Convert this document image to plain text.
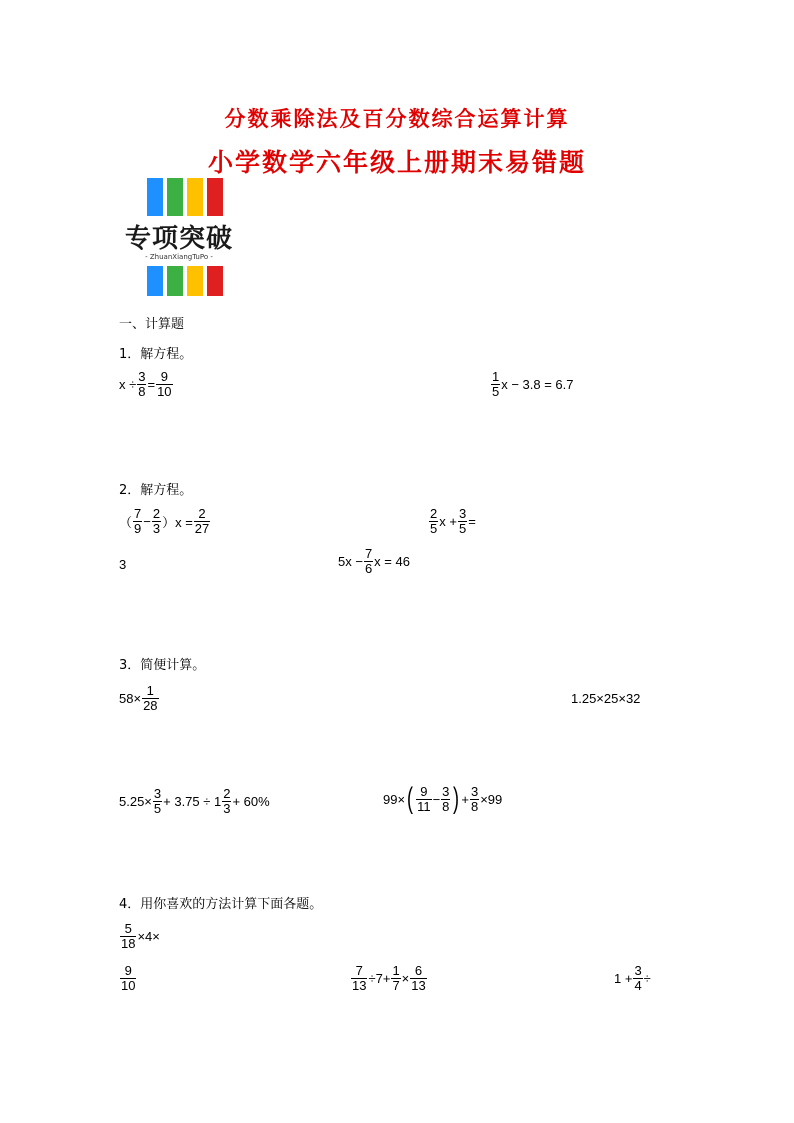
分数乘除法及百分数综合运算计算
小学数学六年级上册期末易错题
专项突破
- ZhuanXiangTuPo -
一、计算题
1．解方程。
$x \div \frac{3}{8} = \frac{9}{10}$	$\frac{1}{5}$ x − 3.8 = 6.7
2．解方程。
（ $\frac{7}{9} - \frac{2}{3} )x = \frac{2}{27}$	$\frac{2}{5}$ $x + \frac{3}{5}$ =
3	$5x - \frac{7}{6}$ x = 46
3．简便计算。
$58\times \frac{1}{28}$	1.25×25×32
$5.25\times \frac{3}{5} + 3.75 \div 1 \frac{2}{3} + 60\%$	99× ( $\frac{9}{11} - \frac{3}{8}$ ) + $\frac{3}{8} \times 99$
4．用你喜欢的方法计算下面各题。
$\frac{5}{18} \times 4\times$
$\frac{9}{10}$	$\frac{7}{13} \div 7+ \frac{1}{7} \times \frac{6}{13}$	$1 + \frac{3}{4}$ ÷
